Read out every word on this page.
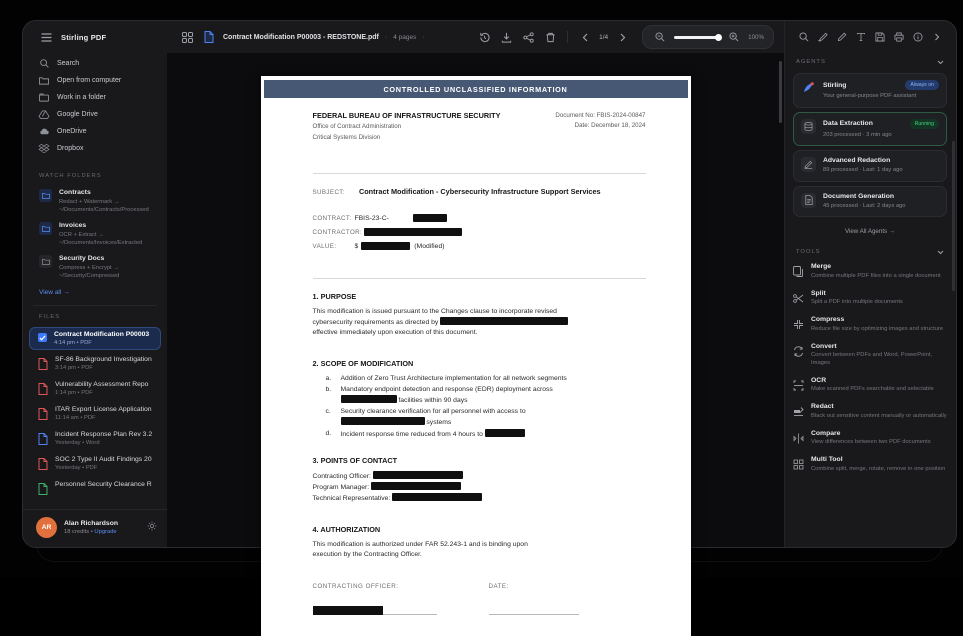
Stirling PDF	Contract Modification P00003 - REDSTONE.pdf · 4 pages ·	1/4	100%
Search
Open from computer
Work in a folder
Google Drive
OneDrive
Dropbox
WATCH FOLDERS
Contracts
Redact + Watermark → ~/Documents/Contracts/Processed
Invoices
OCR + Extract → ~/Documents/Invoices/Extracted
Security Docs
Compress + Encrypt → ~/Security/Compressed
View all →
FILES
Contract Modification P00003
4:14 pm • PDF
SF-86 Background Investigation
3:14 pm • PDF
Vulnerability Assessment Repo
1:14 pm • PDF
ITAR Export License Application
11:14 am • PDF
Incident Response Plan Rev 3.2
Yesterday • Word
SOC 2 Type II Audit Findings 20
Yesterday • PDF
Personnel Security Clearance R
AR
Alan Richardson
18 credits • Upgrade
CONTROLLED UNCLASSIFIED INFORMATION
FEDERAL BUREAU OF INFRASTRUCTURE SECURITY
Office of Contract Administration
Critical Systems Division
Document No: FBIS-2024-00847
Date: December 18, 2024
SUBJECT: Contract Modification - Cybersecurity Infrastructure Support Services
CONTRACT: FBIS-23-C-
CONTRACTOR:
VALUE:	$	(Modified)
1. PURPOSE
This modification is issued pursuant to the Changes clause to incorporate revised
cybersecurity requirements as directed by
effective immediately upon execution of this document.
2. SCOPE OF MODIFICATION
a.	Addition of Zero Trust Architecture implementation for all network segments
b.	Mandatory endpoint detection and response (EDR) deployment across
facilities within 90 days
c.	Security clearance verification for all personnel with access to
systems
d.	Incident response time reduced from 4 hours to
3. POINTS OF CONTACT
Contracting Officer:
Program Manager:
Technical Representative:
4. AUTHORIZATION
This modification is authorized under FAR 52.243-1 and is binding upon
execution by the Contracting Officer.
CONTRACTING OFFICER:	DATE:
AGENTS
Stirling	Always on
Your general-purpose PDF assistant
Data Extraction	Running
203 processed · 3 min ago
Advanced Redaction
89 processed · Last: 1 day ago
Document Generation
45 processed · Last: 2 days ago
View All Agents →
TOOLS
Merge
Combine multiple PDF files into a single document
Split
Split a PDF into multiple documents
Compress
Reduce file size by optimizing images and structure
Convert
Convert between PDFs and Word, PowerPoint, Images
OCR
Make scanned PDFs searchable and selectable
Redact
Black out sensitive content manually or automatically
Compare
View differences between two PDF documents
Multi Tool
Combine split, merge, rotate, remove in one position
